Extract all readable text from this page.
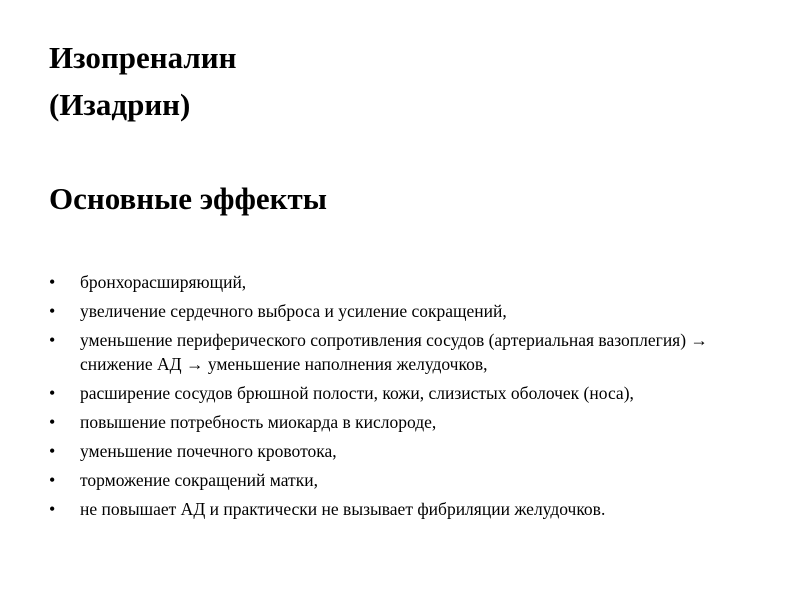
Изопреналин
(Изадрин)
Основные эффекты
• бронхорасширяющий,
• увеличение сердечного выброса и усиление сокращений,
• уменьшение периферического сопротивления сосудов (артериальная вазоплегия) → снижение АД → уменьшение наполнения желудочков,
• расширение сосудов брюшной полости, кожи, слизистых оболочек (носа),
• повышение потребность миокарда в кислороде,
• уменьшение почечного кровотока,
• торможение сокращений матки,
• не повышает АД и практически не вызывает фибриляции желудочков.
